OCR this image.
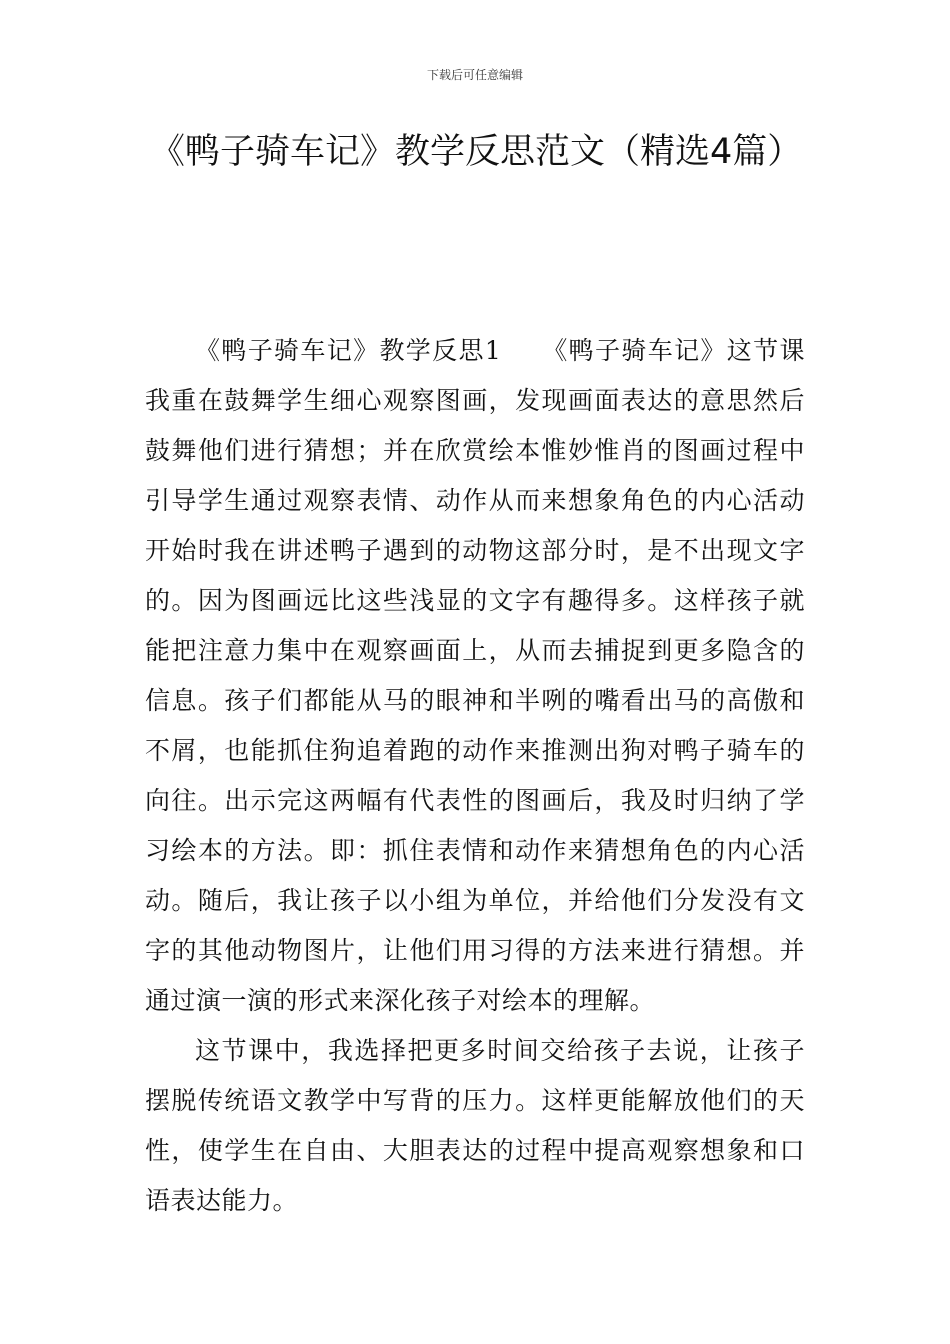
下载后可任意编辑
《鸭子骑车记》教学反思范文（精选4篇）

《鸭子骑车记》教学反思1　　《鸭子骑车记》这节课我重在鼓舞学生细心观察图画，发现画面表达的意思然后鼓舞他们进行猜想；并在欣赏绘本惟妙惟肖的图画过程中引导学生通过观察表情、动作从而来想象角色的内心活动开始时我在讲述鸭子遇到的动物这部分时，是不出现文字的。因为图画远比这些浅显的文字有趣得多。这样孩子就能把注意力集中在观察画面上，从而去捕捉到更多隐含的信息。孩子们都能从马的眼神和半咧的嘴看出马的高傲和不屑，也能抓住狗追着跑的动作来推测出狗对鸭子骑车的向往。出示完这两幅有代表性的图画后，我及时归纳了学习绘本的方法。即：抓住表情和动作来猜想角色的内心活动。随后，我让孩子以小组为单位，并给他们分发没有文字的其他动物图片，让他们用习得的方法来进行猜想。并通过演一演的形式来深化孩子对绘本的理解。

这节课中，我选择把更多时间交给孩子去说，让孩子摆脱传统语文教学中写背的压力。这样更能解放他们的天性，使学生在自由、大胆表达的过程中提高观察想象和口语表达能力。
